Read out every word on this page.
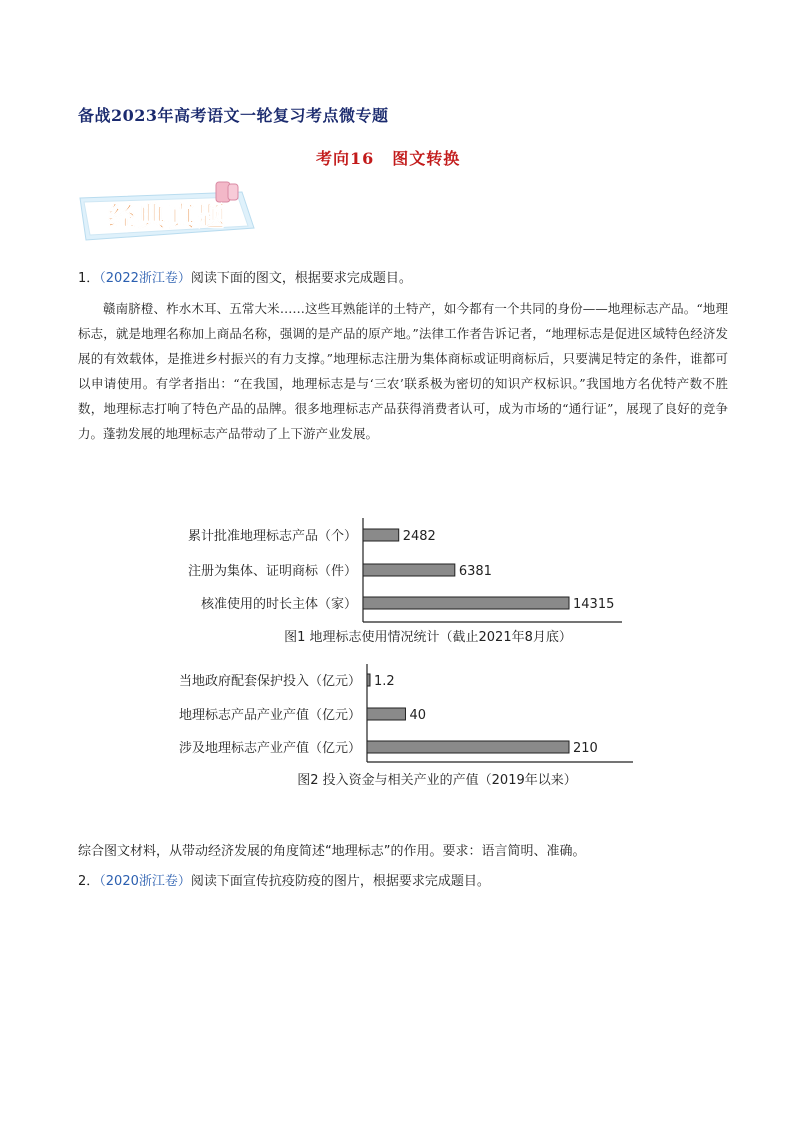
备战2023年高考语文一轮复习考点微专题
考向16 图文转换
经典真题
1．（2022浙江卷）阅读下面的图文，根据要求完成题目。

赣南脐橙、柞水木耳、五常大米……这些耳熟能详的土特产，如今都有一个共同的身份——地理标志产品。“地理标志，就是地理名称加上商品名称，强调的是产品的原产地。”法律工作者告诉记者，“地理标志是促进区域特色经济发展的有效载体，是推进乡村振兴的有力支撑。”地理标志注册为集体商标或证明商标后，只要满足特定的条件，谁都可以申请使用。有学者指出：“在我国，地理标志是与‘三农’联系极为密切的知识产权标识。”我国地方名优特产数不胜数，地理标志打响了特色产品的品牌。很多地理标志产品获得消费者认可，成为市场的“通行证”，展现了良好的竞争力。蓬勃发展的地理标志产品带动了上下游产业发展。

累计批准地理标志产品（个）	2482
注册为集体、证明商标（件）	6381
核准使用的时长主体（家）	14315
图1 地理标志使用情况统计（截止2021年8月底）
当地政府配套保护投入（亿元） 1.2
地理标志产品产业产值（亿元）	40
涉及地理标志产业产值（亿元）	210
图2 投入资金与相关产业的产值（2019年以来）
综合图文材料，从带动经济发展的角度简述“地理标志”的作用。要求：语言简明、准确。
2．（2020浙江卷）阅读下面宣传抗疫防疫的图片，根据要求完成题目。
